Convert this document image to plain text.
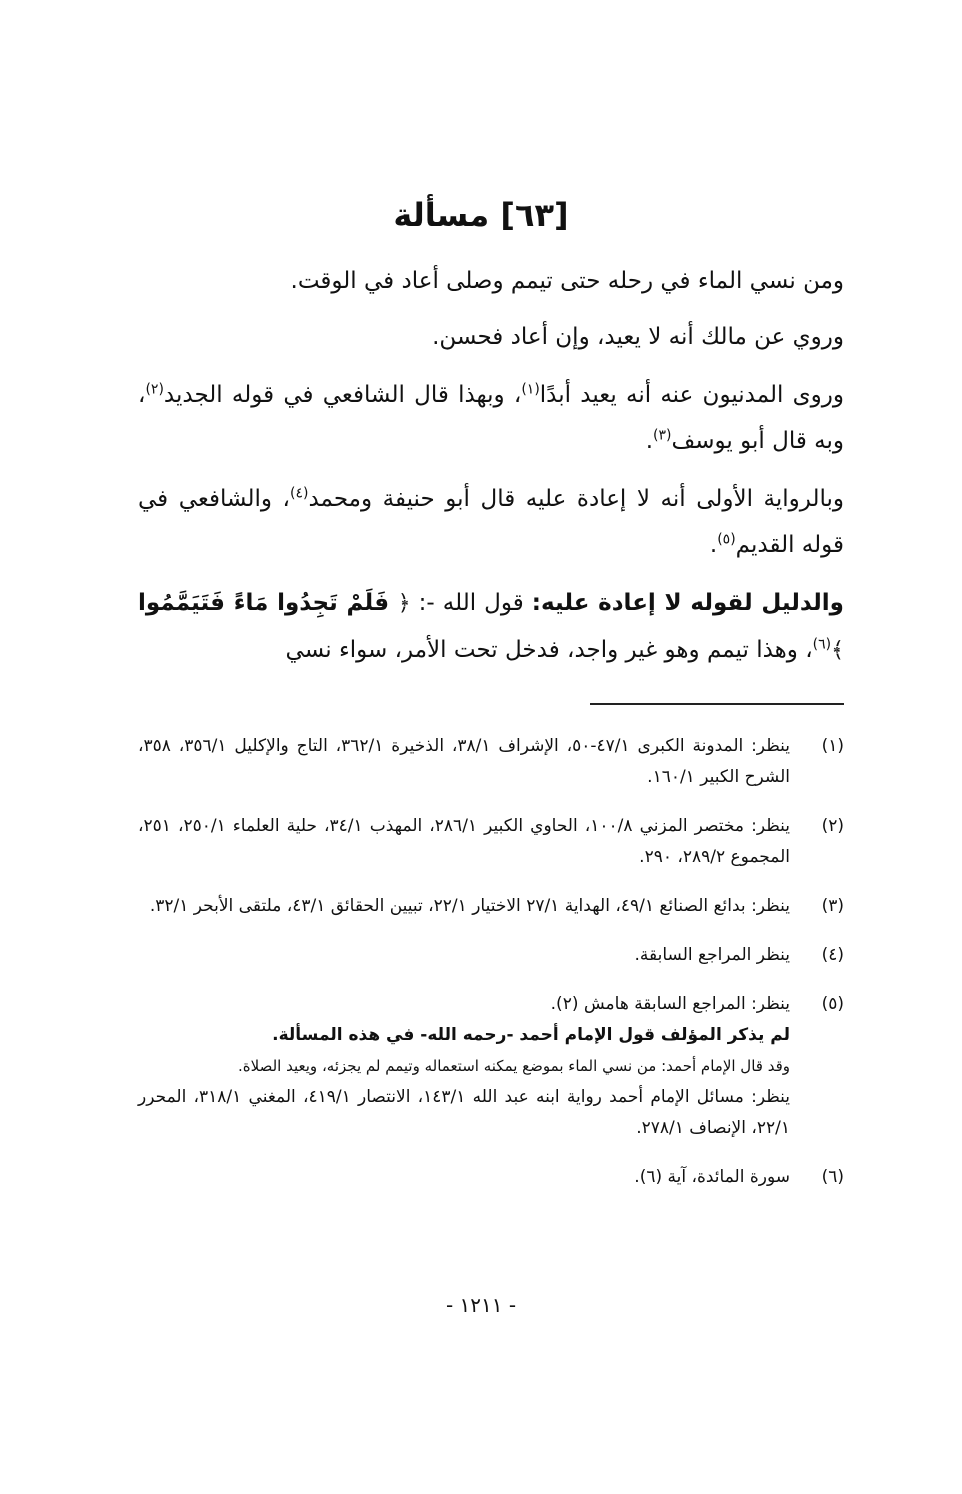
[٦٣] مسألة

ومن نسي الماء في رحله حتى تيمم وصلى أعاد في الوقت.

وروي عن مالك أنه لا يعيد، وإن أعاد فحسن.

وروى المدنيون عنه أنه يعيد أبدًا$^{(١)}$، وبهذا قال الشافعي في قوله الجديد$^{(٢)}$، وبه قال أبو يوسف$^{(٣)}$.

وبالرواية الأولى أنه لا إعادة عليه قال أبو حنيفة ومحمد$^{(٤)}$، والشافعي في قوله القديم$^{(٥)}$.

والدليل لقوله لا إعادة عليه: قول الله -: ﴿ فَلَمْ تَجِدُوا مَاءً فَتَيَمَّمُوا ﴾$^{(٦)}$، وهذا تيمم وهو غير واجد، فدخل تحت الأمر، سواء نسي

(١)
ينظر: المدونة الكبرى ٤٧/١-٥٠، الإشراف ٣٨/١، الذخيرة ٣٦٢/١، التاج والإكليل ٣٥٦/١، ٣٥٨، الشرح الكبير ١٦٠/١.
(٢)
ينظر: مختصر المزني ١٠٠/٨، الحاوي الكبير ٢٨٦/١، المهذب ٣٤/١، حلية العلماء ٢٥٠/١، ٢٥١، المجموع ٢٨٩/٢، ٢٩٠.
(٣)
ينظر: بدائع الصنائع ٤٩/١، الهداية ٢٧/١ الاختيار ٢٢/١، تبيين الحقائق ٤٣/١، ملتقى الأبحر ٣٢/١.
(٤)
ينظر المراجع السابقة.
(٥)
ينظر: المراجع السابقة هامش (٢).
لم يذكر المؤلف قول الإمام أحمد -رحمه الله- في هذه المسألة.
وقد قال الإمام أحمد: من نسي الماء بموضع يمكنه استعماله وتيمم لم يجزئه، ويعيد الصلاة.
ينظر: مسائل الإمام أحمد رواية ابنه عبد الله ١٤٣/١، الانتصار ٤١٩/١، المغني ٣١٨/١، المحرر ٢٢/١، الإنصاف ٢٧٨/١.
(٦)
سورة المائدة، آية (٦).
- ١٢١١ -
